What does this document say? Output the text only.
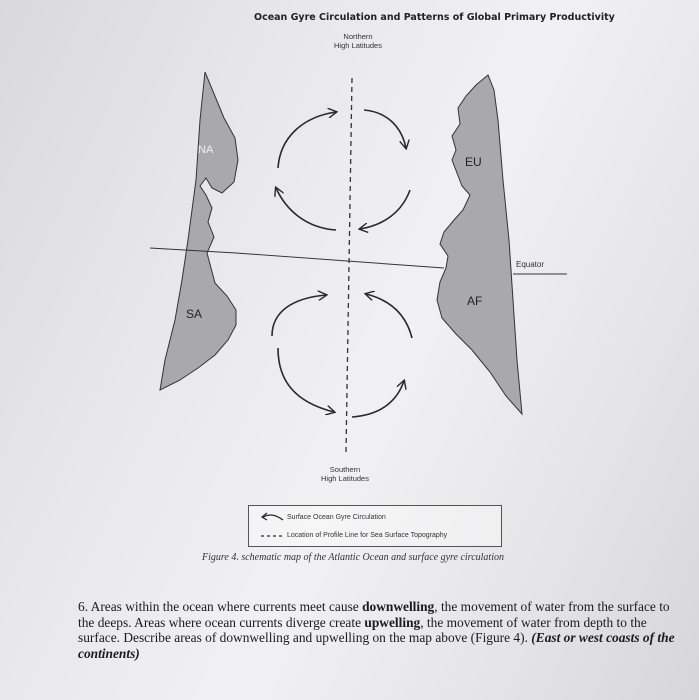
Ocean Gyre Circulation and Patterns of Global Primary Productivity
Northern
High Latitudes
NA
SA
EU
AF
Equator
Southern
High Latitudes
Surface Ocean Gyre Circulation
Location of Profile Line for Sea Surface Topography
Figure 4. schematic map of the Atlantic Ocean and surface gyre circulation
6. Areas within the ocean where currents meet cause downwelling, the movement of water from the surface to the deeps. Areas where ocean currents diverge create upwelling, the movement of water from depth to the surface. Describe areas of downwelling and upwelling on the map above (Figure 4). (East or west coasts of the continents)
